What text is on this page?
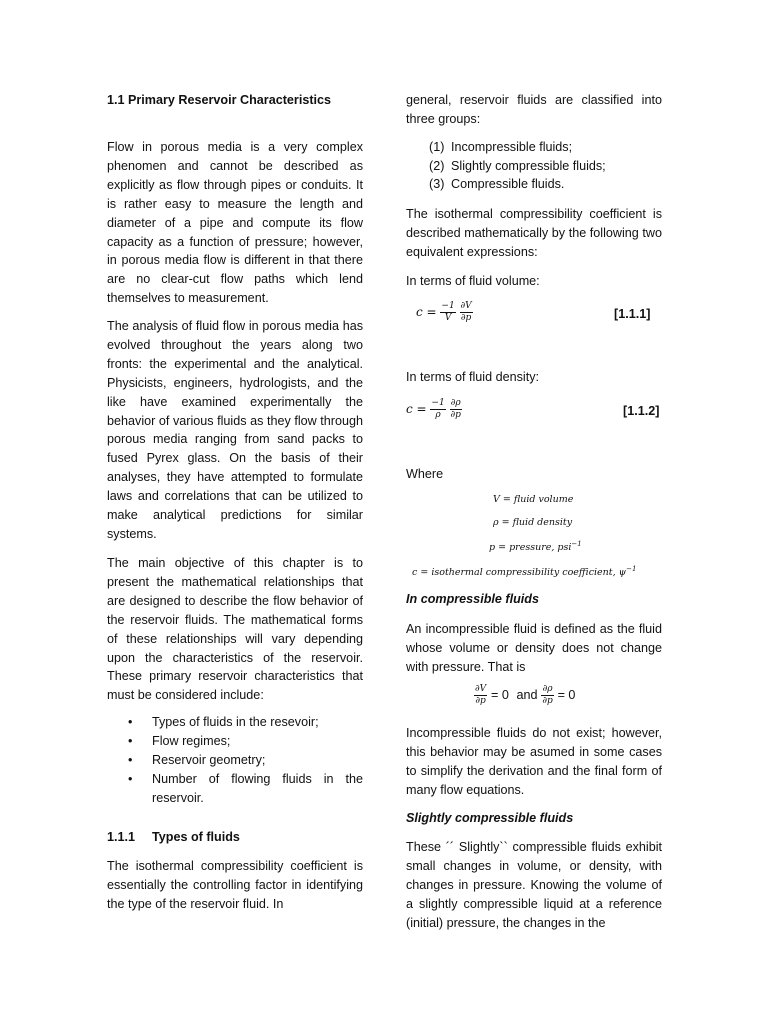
1.1 Primary Reservoir Characteristics

Flow in porous media is a very complex phenomen and cannot be described as explicitly as flow through pipes or conduits. It is rather easy to measure the length and diameter of a pipe and compute its flow capacity as a function of pressure; however, in porous media flow is different in that there are no clear-cut flow paths which lend themselves to measurement.

The analysis of fluid flow in porous media has evolved throughout the years along two fronts: the experimental and the analytical. Physicists, engineers, hydrologists, and the like have examined experimentally the behavior of various fluids as they flow through porous media ranging from sand packs to fused Pyrex glass. On the basis of their analyses, they have attempted to formulate laws and correlations that can be utilized to make analytical predictions for similar systems.

The main objective of this chapter is to present the mathematical relationships that are designed to describe the flow behavior of the reservoir fluids. The mathematical forms of these relationships will vary depending upon the characteristics of the reservoir. These primary reservoir characteristics that must be considered include:

• Types of fluids in the resevoir;
• Flow regimes;
• Reservoir geometry;
• Number of flowing fluids in the reservoir.
1.1.1 Types of fluids

The isothermal compressibility coefficient is essentially the controlling factor in identifying the type of the reservoir fluid. In

general, reservoir fluids are classified into three groups:

(1) Incompressible fluids;
(2) Slightly compressible fluids;
(3) Compressible fluids.

The isothermal compressibility coefficient is described mathematically by the following two equivalent expressions:

In terms of fluid volume:

$c = \frac{-1}{V}$
$\frac{\partial V}{\partial p}$	[1.1.1]

In terms of fluid density:

$c = \frac{-1}{\rho}$
$\frac{\partial\rho}{\partial p}$	[1.1.2]

Where

V = fluid volume
ρ = fluid density
p = pressure, psi$^{-1}$
c = isothermal compressibility coefficient, $\psi^{-1}$

In compressible fluids

An incompressible fluid is defined as the fluid whose volume or density does not change with pressure. That is

$\frac{\partial V}{\partial p} = 0$ and $\frac{\partial\rho}{\partial p} = 0$

Incompressible fluids do not exist; however, this behavior may be asumed in some cases to simplify the derivation and the final form of many flow equations.

Slightly compressible fluids

These ´´ Slightly`` compressible fluids exhibit small changes in volume, or density, with changes in pressure. Knowing the volume of a slightly compressible liquid at a reference (initial) pressure, the changes in the
